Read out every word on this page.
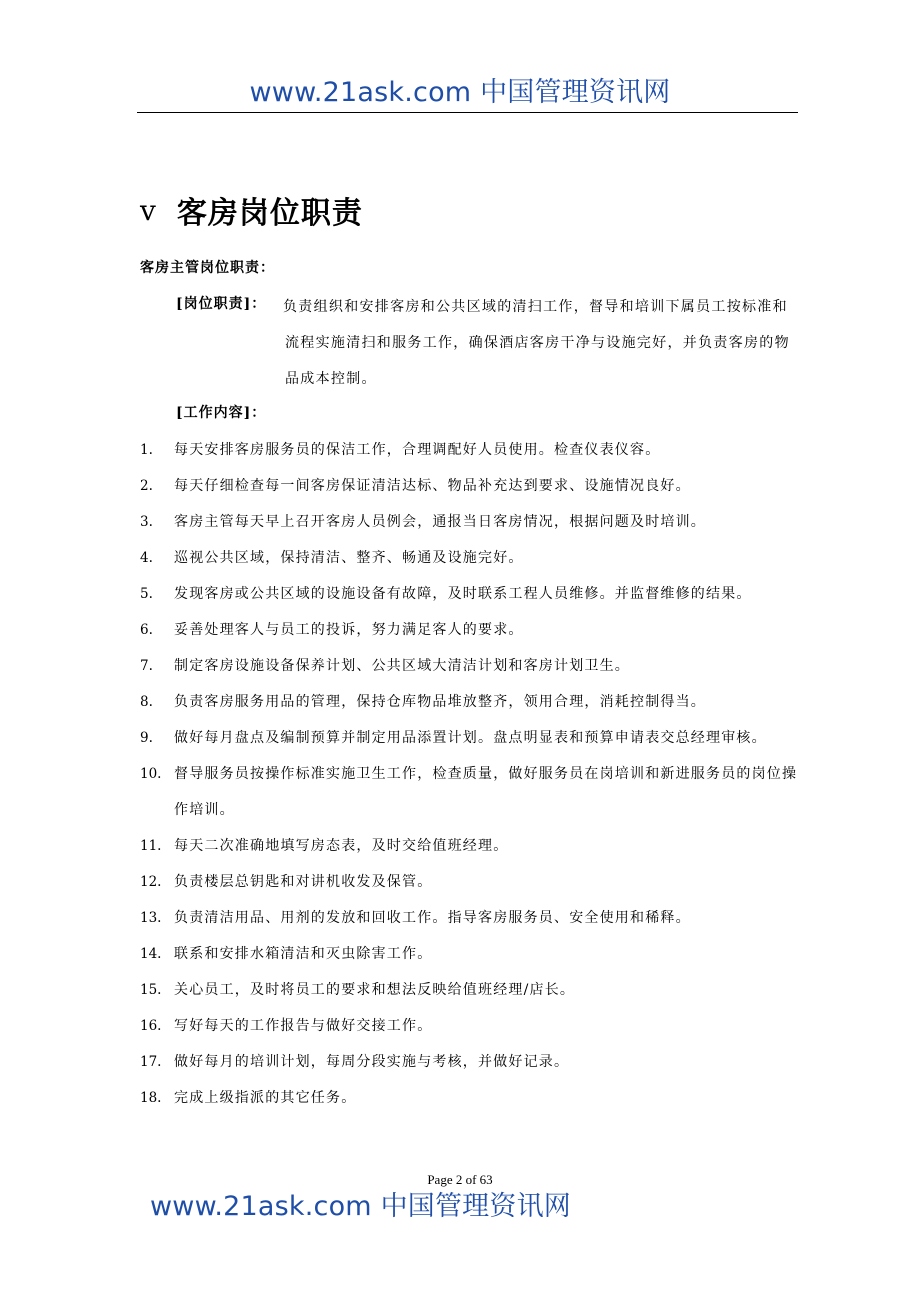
www.21ask.com 中国管理资讯网
v 客房岗位职责
客房主管岗位职责：
[岗位职责]： 负责组织和安排客房和公共区域的清扫工作，督导和培训下属员工按标准和流程实施清扫和服务工作，确保酒店客房干净与设施完好，并负责客房的物品成本控制。
[工作内容]：
1.	每天安排客房服务员的保洁工作，合理调配好人员使用。检查仪表仪容。
2.	每天仔细检查每一间客房保证清洁达标、物品补充达到要求、设施情况良好。
3.	客房主管每天早上召开客房人员例会，通报当日客房情况，根据问题及时培训。
4.	巡视公共区域，保持清洁、整齐、畅通及设施完好。
5.	发现客房或公共区域的设施设备有故障，及时联系工程人员维修。并监督维修的结果。
6.	妥善处理客人与员工的投诉，努力满足客人的要求。
7.	制定客房设施设备保养计划、公共区域大清洁计划和客房计划卫生。
8.	负责客房服务用品的管理，保持仓库物品堆放整齐，领用合理，消耗控制得当。
9.	做好每月盘点及编制预算并制定用品添置计划。盘点明显表和预算申请表交总经理审核。
10. 督导服务员按操作标准实施卫生工作，检查质量，做好服务员在岗培训和新进服务员的岗位操作培训。
11. 每天二次准确地填写房态表，及时交给值班经理。
12. 负责楼层总钥匙和对讲机收发及保管。
13. 负责清洁用品、用剂的发放和回收工作。指导客房服务员、安全使用和稀释。
14. 联系和安排水箱清洁和灭虫除害工作。
15. 关心员工，及时将员工的要求和想法反映给值班经理/店长。
16. 写好每天的工作报告与做好交接工作。
17. 做好每月的培训计划，每周分段实施与考核，并做好记录。
18. 完成上级指派的其它任务。
Page 2 of 63
www.21ask.com 中国管理资讯网
